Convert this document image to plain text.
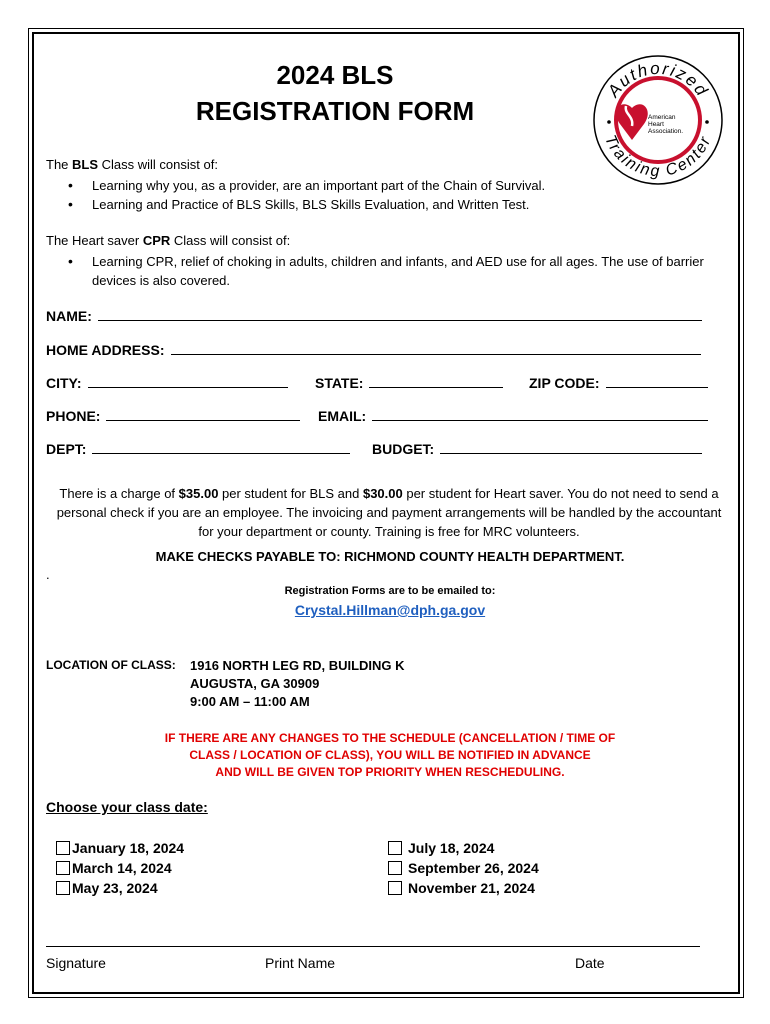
2024 BLS
REGISTRATION FORM
Authorized
Training Center
American
Heart
Association.
The BLS Class will consist of:
• Learning why you, as a provider, are an important part of the Chain of Survival.
• Learning and Practice of BLS Skills, BLS Skills Evaluation, and Written Test.
The Heart saver CPR Class will consist of:
• Learning CPR, relief of choking in adults, children and infants, and AED use for all ages. The use of barrier devices is also covered.
NAME:
HOME ADDRESS:
CITY:	STATE:	ZIP CODE:
PHONE:	EMAIL:
DEPT:	BUDGET:
There is a charge of $35.00 per student for BLS and $30.00 per student for Heart saver. You do not need to send a personal check if you are an employee. The invoicing and payment arrangements will be handled by the accountant for your department or county. Training is free for MRC volunteers.
MAKE CHECKS PAYABLE TO: RICHMOND COUNTY HEALTH DEPARTMENT.
.
Registration Forms are to be emailed to:
Crystal.Hillman@dph.ga.gov
LOCATION OF CLASS: 1916 NORTH LEG RD, BUILDING K
AUGUSTA, GA 30909
9:00 AM – 11:00 AM
IF THERE ARE ANY CHANGES TO THE SCHEDULE (CANCELLATION / TIME OF
CLASS / LOCATION OF CLASS), YOU WILL BE NOTIFIED IN ADVANCE
AND WILL BE GIVEN TOP PRIORITY WHEN RESCHEDULING.
Choose your class date:
January 18, 2024
March 14, 2024
May 23, 2024
July 18, 2024
September 26, 2024
November 21, 2024
Signature	Print Name	Date
